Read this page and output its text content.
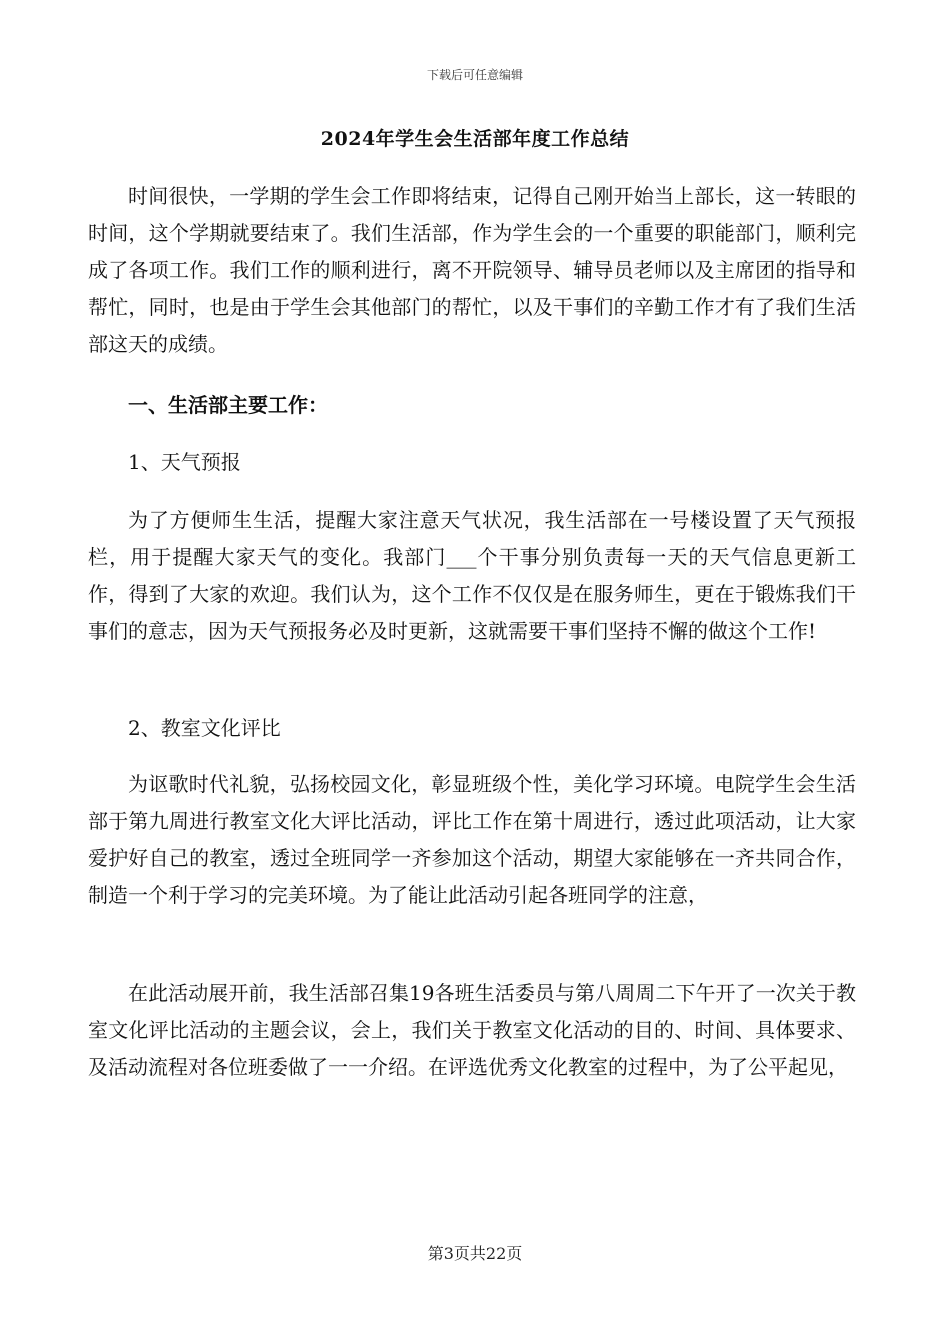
下载后可任意编辑
2024年学生会生活部年度工作总结

时间很快，一学期的学生会工作即将结束，记得自己刚开始当上部长，这一转眼的时间，这个学期就要结束了。我们生活部，作为学生会的一个重要的职能部门，顺利完成了各项工作。我们工作的顺利进行，离不开院领导、辅导员老师以及主席团的指导和帮忙，同时，也是由于学生会其他部门的帮忙，以及干事们的辛勤工作才有了我们生活部这天的成绩。

一、生活部主要工作：

1、天气预报

为了方便师生生活，提醒大家注意天气状况，我生活部在一号楼设置了天气预报栏，用于提醒大家天气的变化。我部门___个干事分别负责每一天的天气信息更新工作，得到了大家的欢迎。我们认为，这个工作不仅仅是在服务师生，更在于锻炼我们干事们的意志，因为天气预报务必及时更新，这就需要干事们坚持不懈的做这个工作!

2、教室文化评比

为讴歌时代礼貌，弘扬校园文化，彰显班级个性，美化学习环境。电院学生会生活部于第九周进行教室文化大评比活动，评比工作在第十周进行，透过此项活动，让大家爱护好自己的教室，透过全班同学一齐参加这个活动，期望大家能够在一齐共同合作，制造一个利于学习的完美环境。为了能让此活动引起各班同学的注意，

在此活动展开前，我生活部召集19各班生活委员与第八周周二下午开了一次关于教室文化评比活动的主题会议，会上，我们关于教室文化活动的目的、时间、具体要求、及活动流程对各位班委做了一一介绍。在评选优秀文化教室的过程中，为了公平起见，

第3页共22页
